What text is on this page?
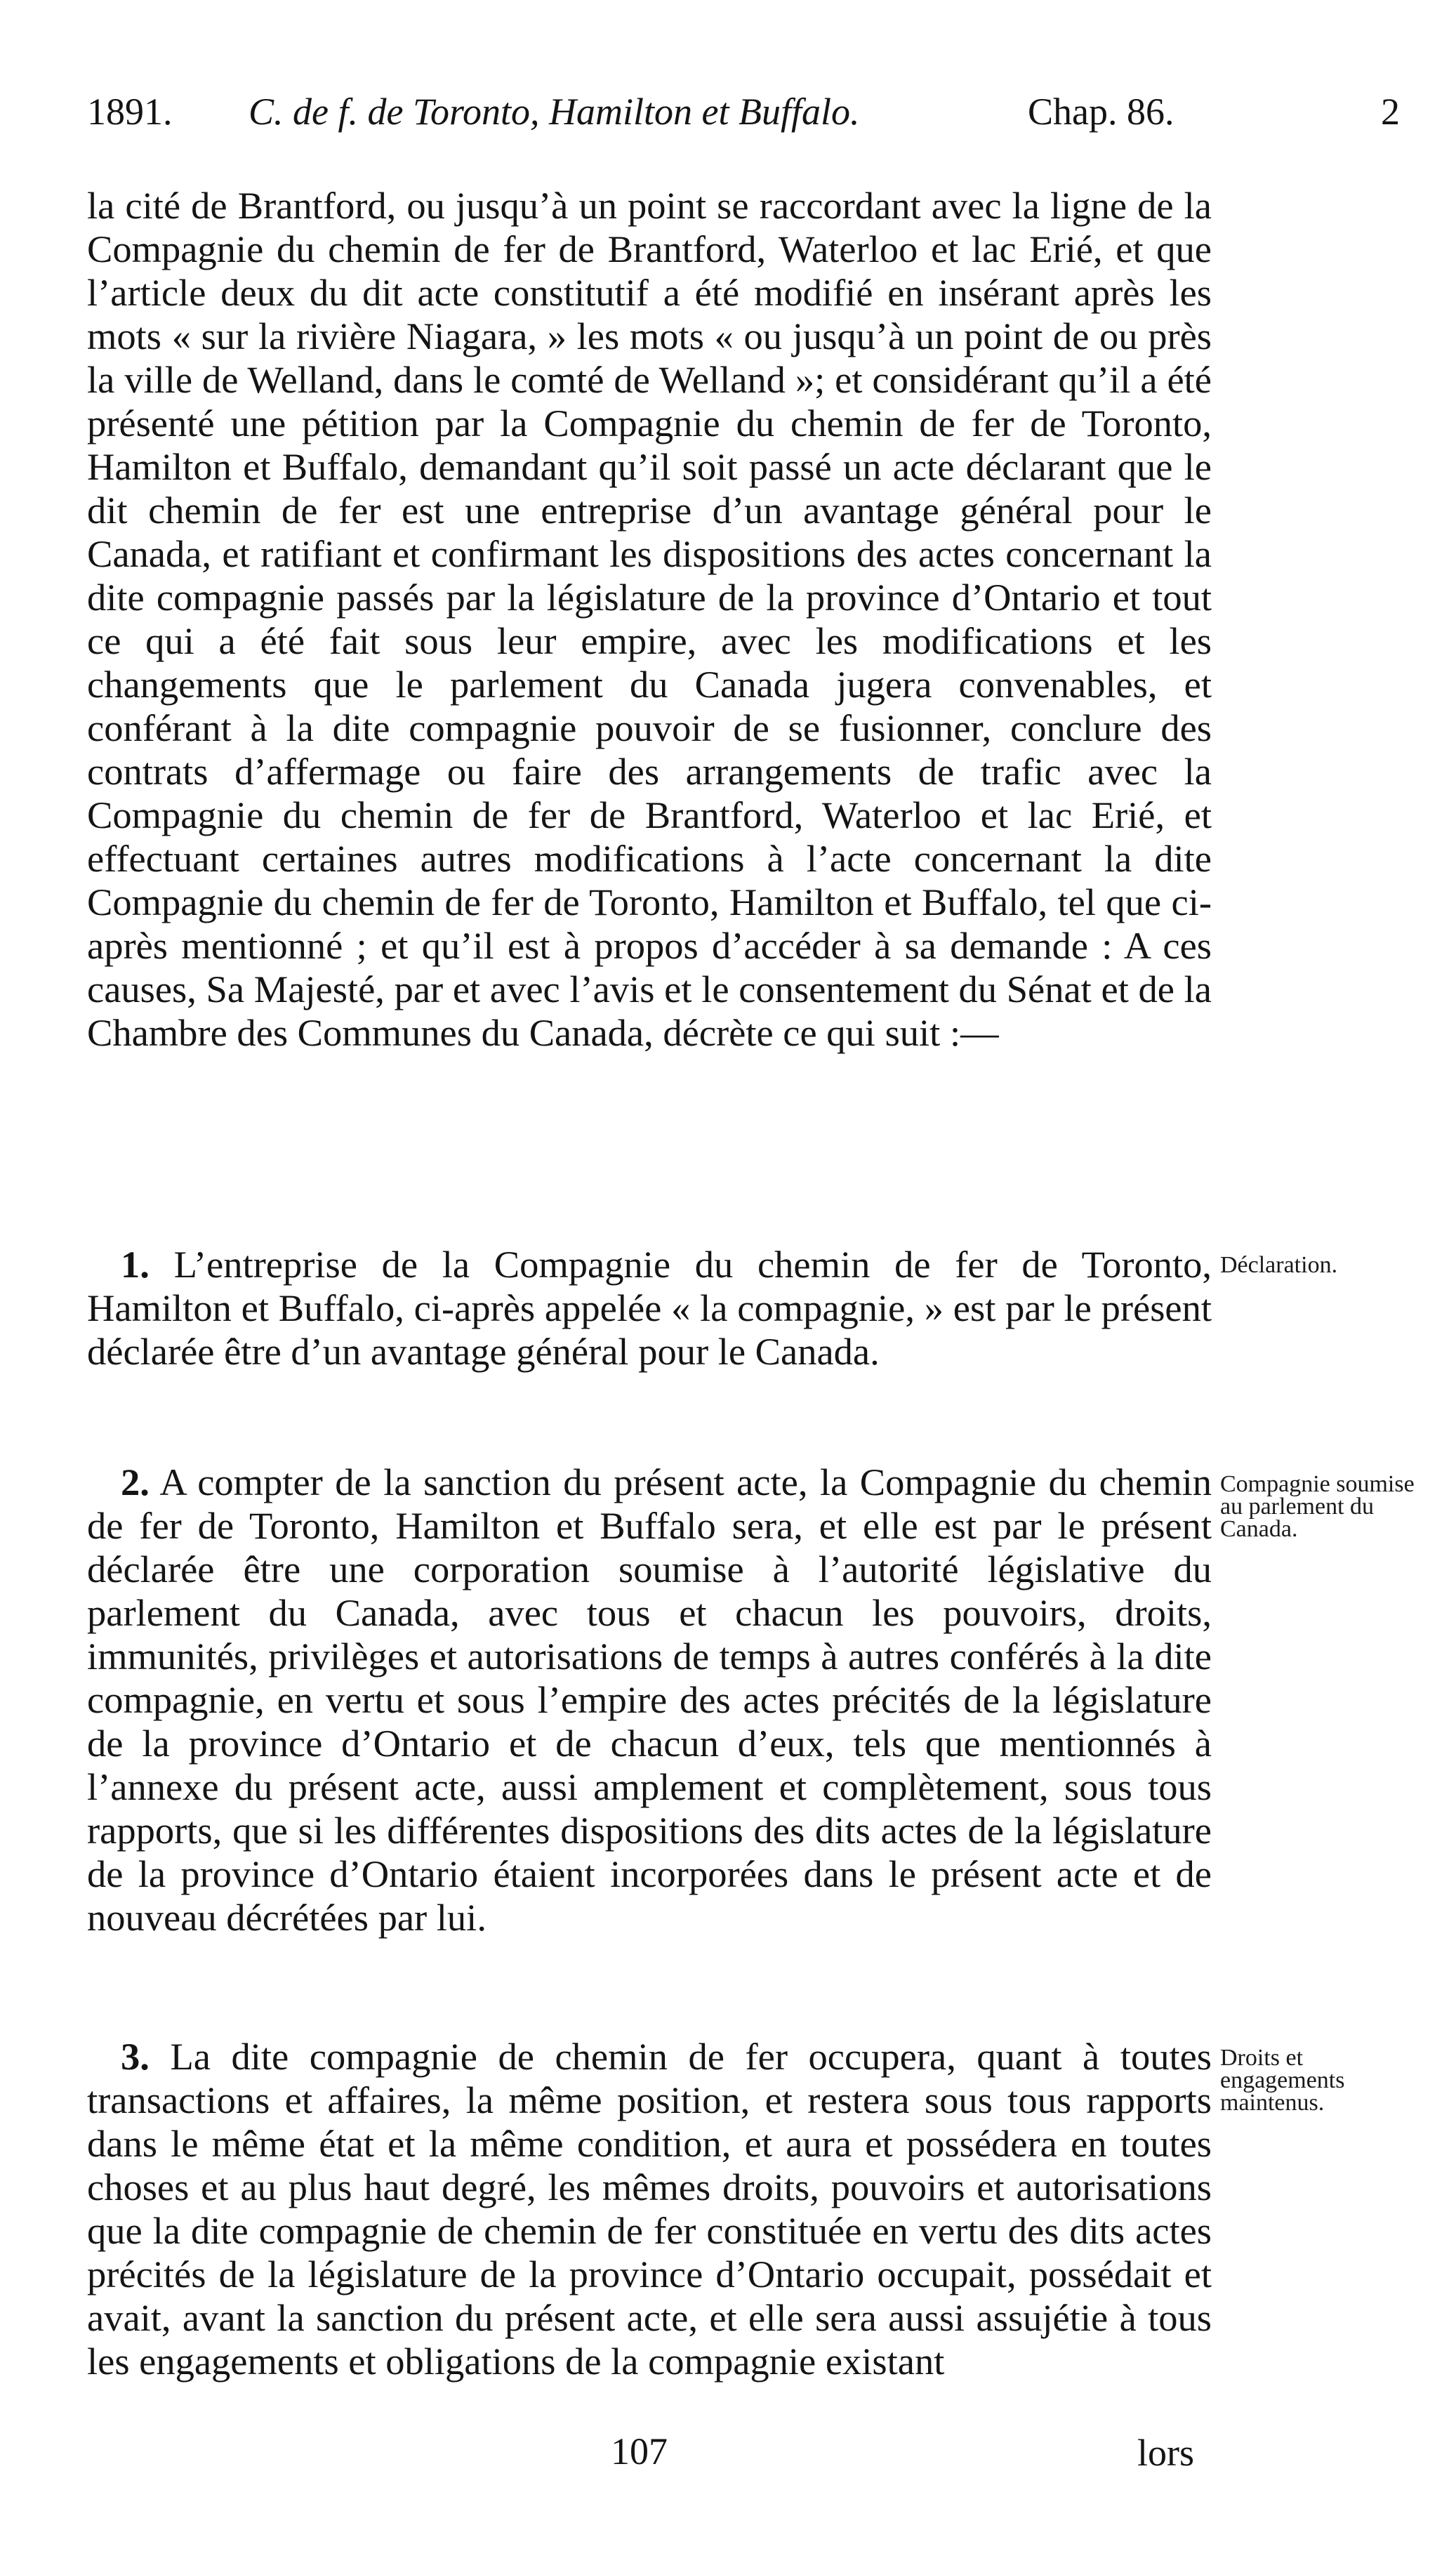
1891. C. de f. de Toronto, Hamilton et Buffalo.	Chap. 86.	2

la cité de Brantford, ou jusqu’à un point se raccordant avec la ligne de la Compagnie du chemin de fer de Brantford, Waterloo et lac Erié, et que l’article deux du dit acte constitutif a été modifié en insérant après les mots « sur la rivière Niagara, » les mots « ou jusqu’à un point de ou près la ville de Welland, dans le comté de Welland »; et considérant qu’il a été présenté une pétition par la Compagnie du chemin de fer de Toronto, Hamilton et Buffalo, demandant qu’il soit passé un acte déclarant que le dit chemin de fer est une entreprise d’un avantage général pour le Canada, et ratifiant et confirmant les dispositions des actes concernant la dite compagnie passés par la législature de la province d’Ontario et tout ce qui a été fait sous leur empire, avec les modifications et les changements que le parlement du Canada jugera convenables, et conférant à la dite compagnie pouvoir de se fusionner, conclure des contrats d’affermage ou faire des arrangements de trafic avec la Compagnie du chemin de fer de Brantford, Waterloo et lac Erié, et effectuant certaines autres modifications à l’acte concernant la dite Compagnie du chemin de fer de Toronto, Hamilton et Buffalo, tel que ci-après mentionné ; et qu’il est à propos d’accéder à sa demande : A ces causes, Sa Majesté, par et avec l’avis et le consentement du Sénat et de la Chambre des Communes du Canada, décrète ce qui suit :—

1. L’entreprise de la Compagnie du chemin de fer de Toronto, Hamilton et Buffalo, ci-après appelée « la compagnie, » est par le présent déclarée être d’un avantage général pour le Canada.

Déclaration.

2. A compter de la sanction du présent acte, la Compagnie du chemin de fer de Toronto, Hamilton et Buffalo sera, et elle est par le présent déclarée être une corporation soumise à l’autorité législative du parlement du Canada, avec tous et chacun les pouvoirs, droits, immunités, privilèges et autorisations de temps à autres conférés à la dite compagnie, en vertu et sous l’empire des actes précités de la législature de la province d’Ontario et de chacun d’eux, tels que mentionnés à l’annexe du présent acte, aussi amplement et complètement, sous tous rapports, que si les différentes dispositions des dits actes de la législature de la province d’Ontario étaient incorporées dans le présent acte et de nouveau décrétées par lui.

Compagnie soumise au parlement du Canada.

3. La dite compagnie de chemin de fer occupera, quant à toutes transactions et affaires, la même position, et restera sous tous rapports dans le même état et la même condition, et aura et possédera en toutes choses et au plus haut degré, les mêmes droits, pouvoirs et autorisations que la dite compagnie de chemin de fer constituée en vertu des dits actes précités de la législature de la province d’Ontario occupait, possédait et avait, avant la sanction du présent acte, et elle sera aussi assujétie à tous les engagements et obligations de la compagnie existant

Droits et engagements maintenus.
107	lors
